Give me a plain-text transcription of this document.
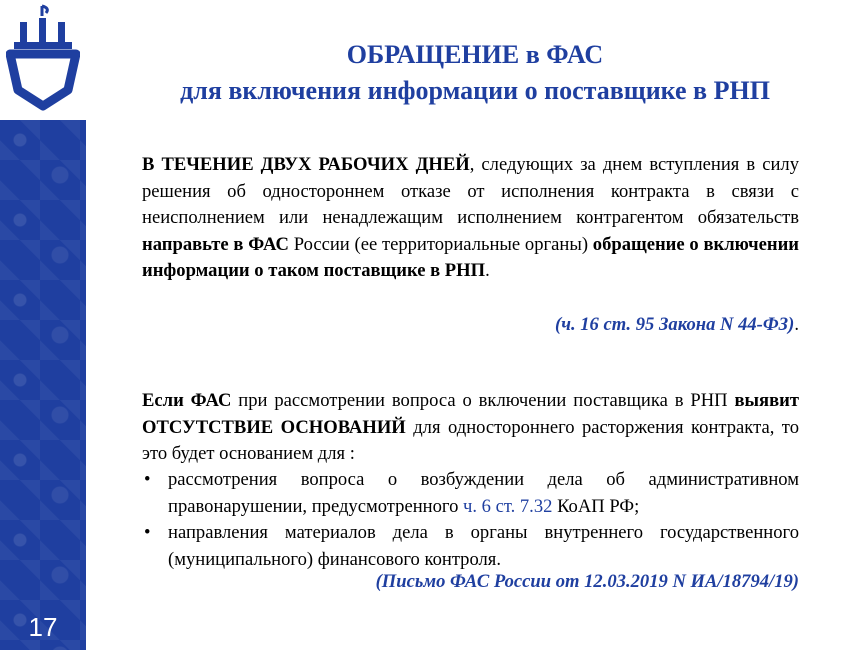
17
ОБРАЩЕНИЕ в ФАС
для включения информации о поставщике в РНП
В ТЕЧЕНИЕ ДВУХ РАБОЧИХ ДНЕЙ, следующих за днем вступления в силу решения об одностороннем отказе от исполнения контракта в связи с неисполнением или ненадлежащим исполнением контрагентом обязательств направьте в ФАС России (ее территориальные органы) обращение о включении информации о таком поставщике в РНП.
(ч. 16 ст. 95 Закона N 44-ФЗ).
Если ФАС при рассмотрении вопроса о включении поставщика в РНП выявит ОТСУТСТВИЕ ОСНОВАНИЙ для одностороннего расторжения контракта, то это будет основанием для :
• рассмотрения вопроса о возбуждении дела об административном правонарушении, предусмотренного ч. 6 ст. 7.32 КоАП РФ;
• направления материалов дела в органы внутреннего государственного (муниципального) финансового контроля.
(Письмо ФАС России от 12.03.2019 N ИА/18794/19)
